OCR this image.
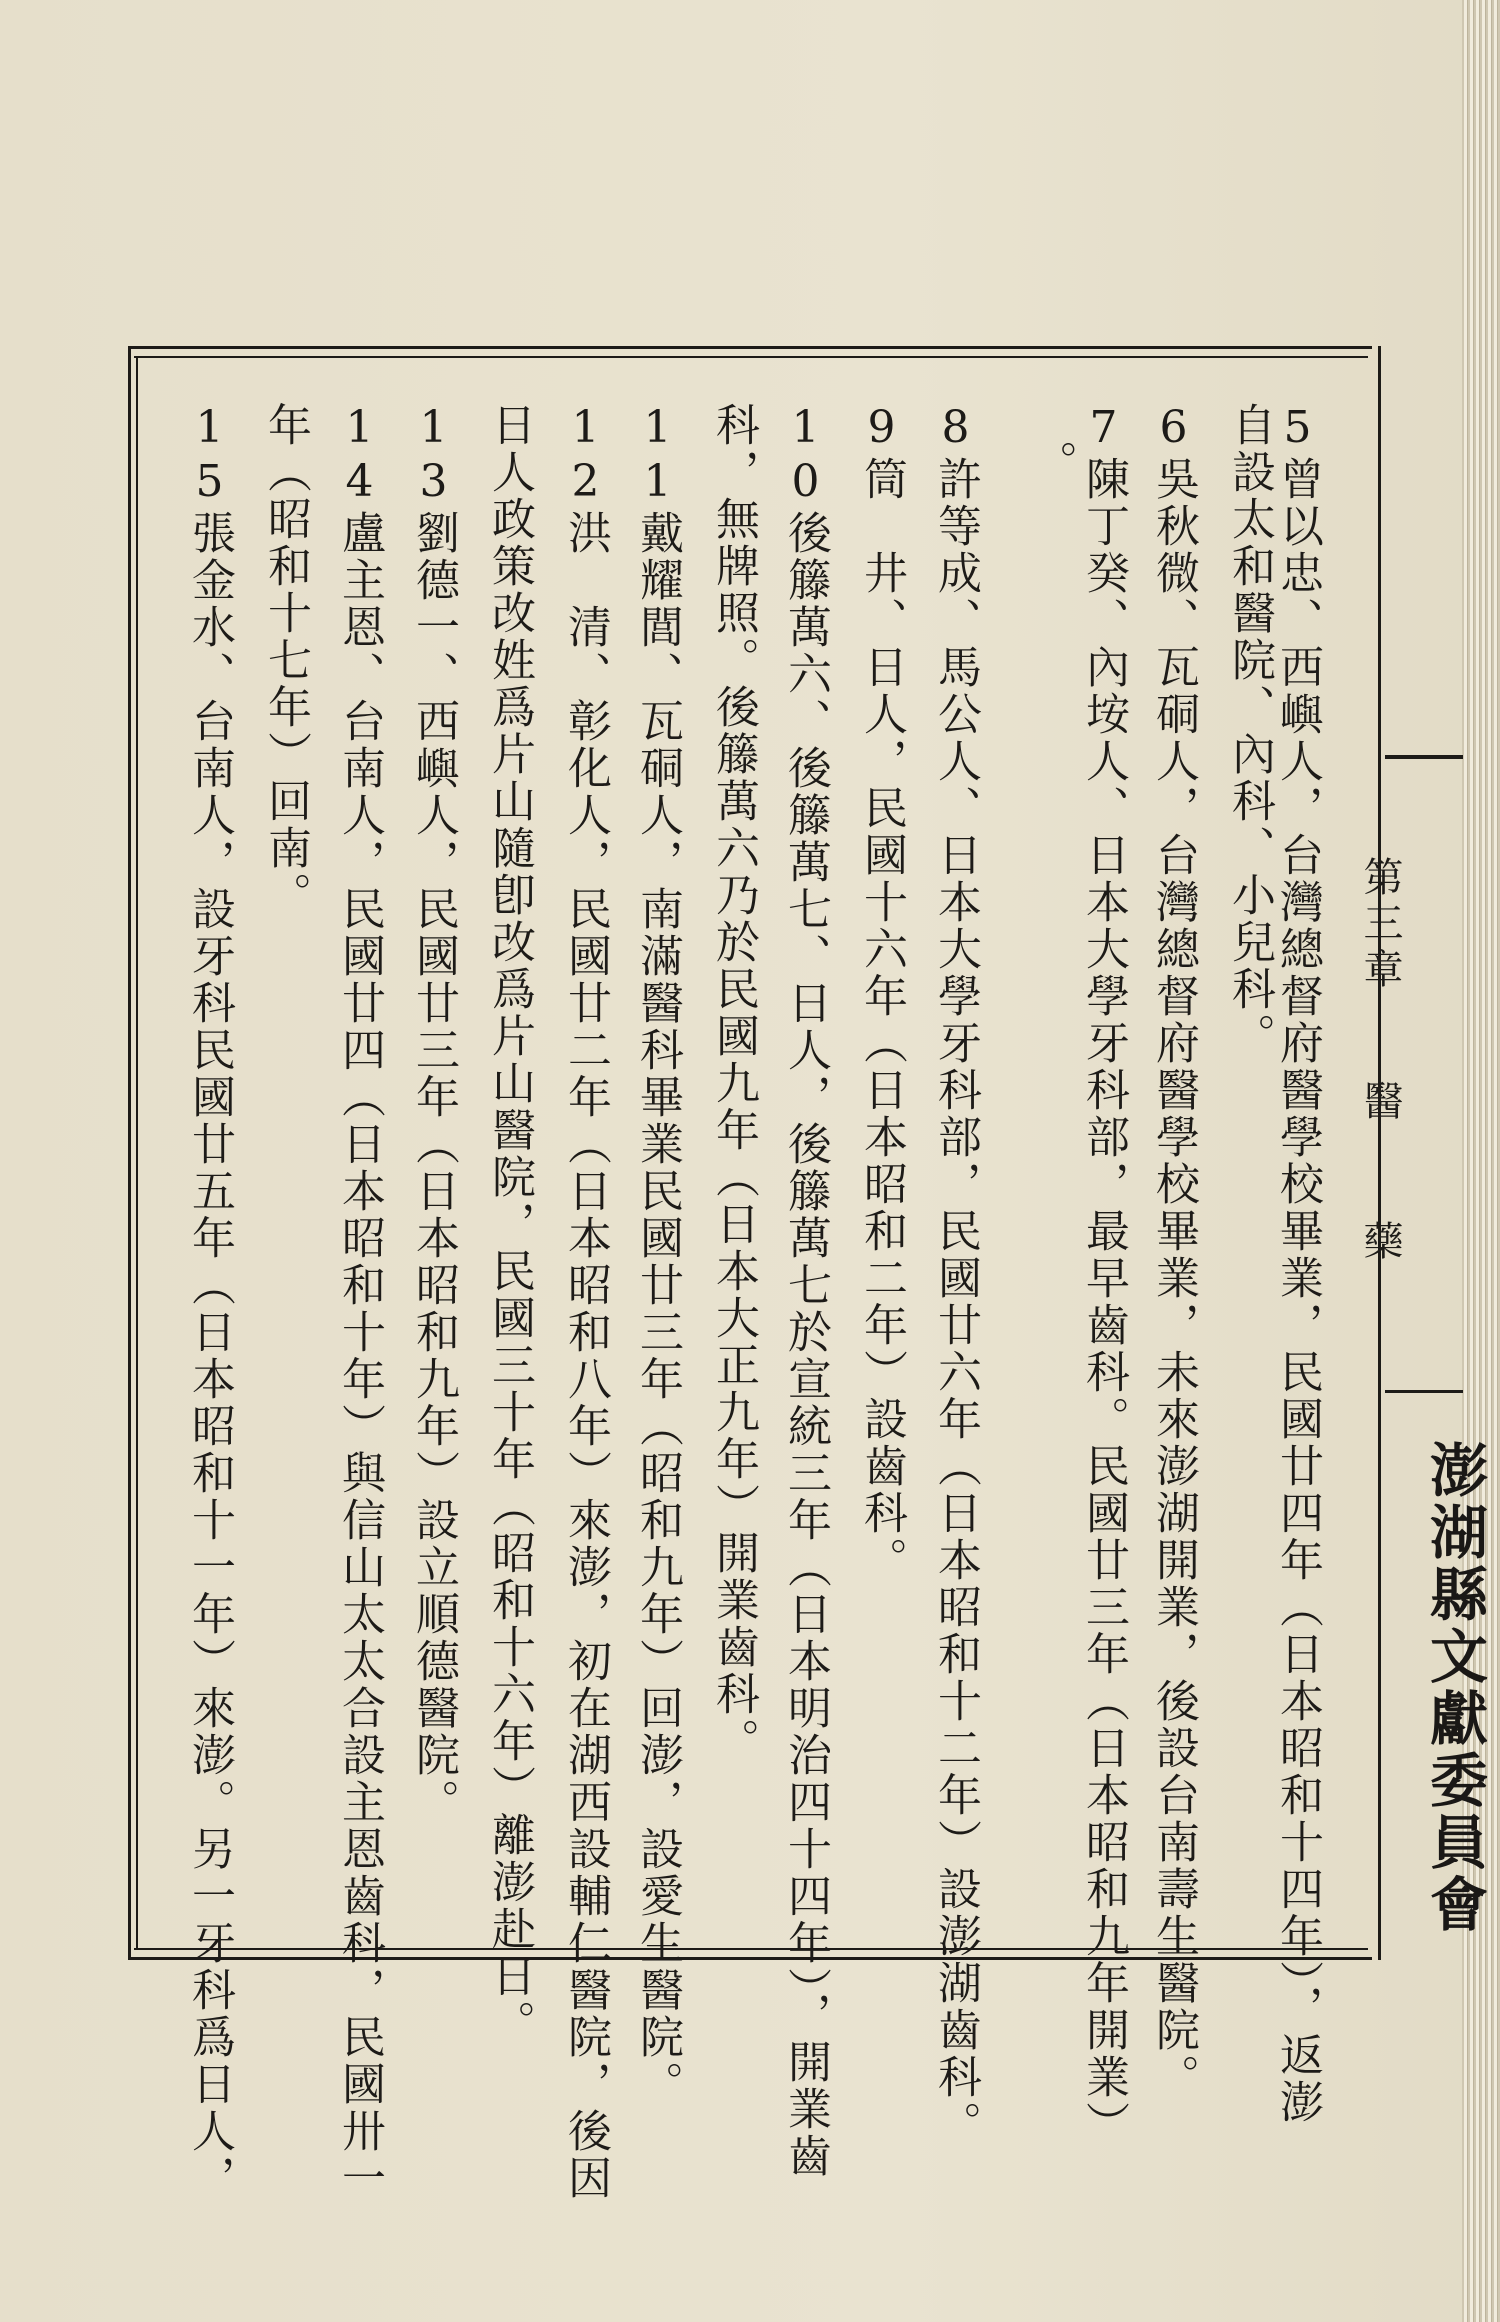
第三章
醫　藥
澎湖縣文獻委員會
5曾以忠、西嶼人，台灣總督府醫學校畢業，民國廿四年（日本昭和十四年），返澎
自設太和醫院、內科、小兒科。
6吳秋微、瓦硐人，台灣總督府醫學校畢業，未來澎湖開業，後設台南壽生醫院。
7陳丁癸、內垵人、日本大學牙科部，最早齒科。民國廿三年（日本昭和九年開業）
。
8許等成、馬公人、日本大學牙科部，民國廿六年（日本昭和十二年）設澎湖齒科。
9筒　井、日人，民國十六年（日本昭和二年）設齒科。
10後籐萬六、後籐萬七、日人，後籐萬七於宣統三年（日本明治四十四年），開業齒
科，無牌照。後籐萬六乃於民國九年（日本大正九年）開業齒科。
11戴耀閭、瓦硐人，南滿醫科畢業民國廿三年（昭和九年）回澎，設愛生醫院。
12洪　清、彰化人，民國廿二年（日本昭和八年）來澎，初在湖西設輔仁醫院，後因
日人政策改姓爲片山隨卽改爲片山醫院，民國三十年（昭和十六年）離澎赴日。
13劉德一、西嶼人，民國廿三年（日本昭和九年）設立順德醫院。
14盧主恩、台南人，民國廿四（日本昭和十年）與信山太太合設主恩齒科，民國卅一
年（昭和十七年）回南。
15張金水、台南人，設牙科民國廿五年（日本昭和十一年）來澎。另一牙科爲日人，
